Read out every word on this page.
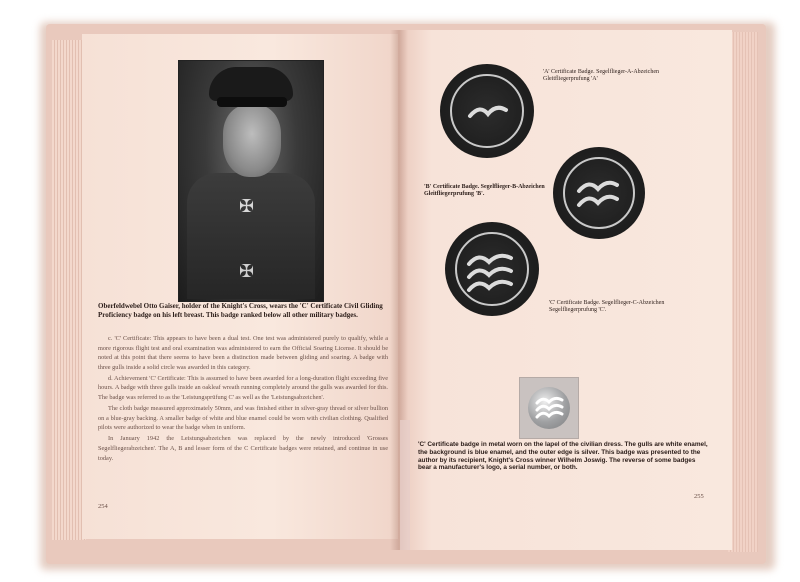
✠
✠
Oberfeldwebel Otto Gaiser, holder of the Knight's Cross, wears the 'C' Certificate Civil Gliding Proficiency badge on his left breast. This badge ranked below all other military badges.

c. 'C' Certificate: This appears to have been a dual test. One test was administered purely to qualify, while a more rigorous flight test and oral examination was administered to earn the Official Soaring License. It should be noted at this point that there seems to have been a distinction made between gliding and soaring. A badge with three gulls inside a solid circle was awarded in this category.

d. Achievement 'C' Certificate: This is assumed to have been awarded for a long-duration flight exceeding five hours. A badge with three gulls inside an oakleaf wreath running completely around the gulls was awarded for this. The badge was referred to as the 'Leistungsprüfung C' as well as the 'Leistungsabzeichen'.

The cloth badge measured approximately 50mm, and was finished either in silver-gray thread or silver bullion on a blue-gray backing. A smaller badge of white and blue enamel could be worn with civilian clothing. Qualified pilots were authorized to wear the badge when in uniform.

In January 1942 the Leistungsabzeichen was replaced by the newly introduced 'Grosses Segelfliegerabzeichen'. The A, B and lesser form of the C Certificate badges were retained, and continue in use today.

254
'A' Certificate Badge. Segelflieger-A-Abzeichen Gleitfliegerprufung 'A'
'B' Certificate Badge. Segelflieger-B-Abzeichen Gleitfliegerprufung 'B'.
'C' Certificate Badge. Segelflieger-C-Abzeichen Segelfliegerprufung 'C'.
'C' Certificate badge in metal worn on the lapel of the civilian dress. The gulls are white enamel, the background is blue enamel, and the outer edge is silver. This badge was presented to the author by its recipient, Knight's Cross winner Wilhelm Joswig. The reverse of some badges bear a manufacturer's logo, a serial number, or both.
255
